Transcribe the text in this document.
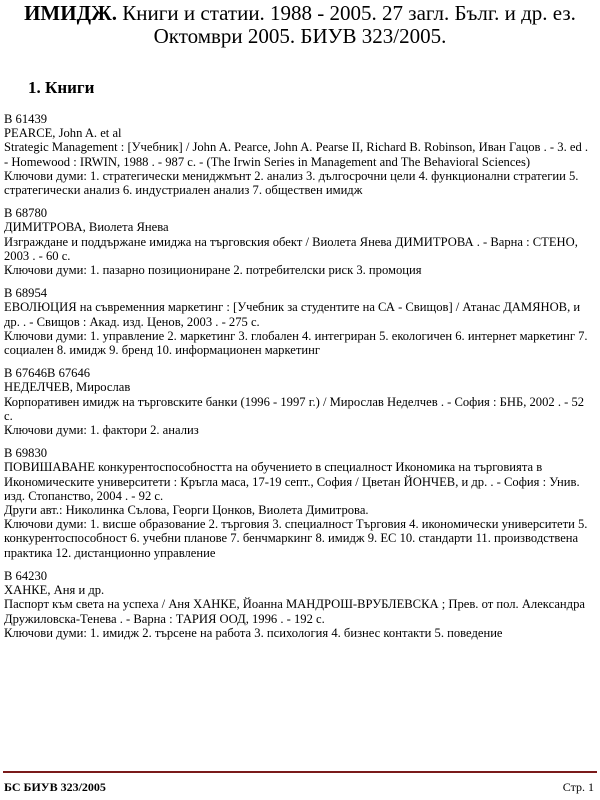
ИМИДЖ. Книги и статии. 1988 - 2005. 27 загл. Бълг. и др. ез.
Октомври 2005. БИУВ 323/2005.
1. Книги

B 61439

PEARCE, John A. et al

Strategic Management : [Учебник] / John A. Pearce, John A. Pearse II, Richard B. Robinson, Иван Гацов . - 3. ed . - Homewood : IRWIN, 1988 . - 987 с. - (The Irwin Series in Management and The Behavioral Sciences)

Ключови думи: 1. стратегически мениджмънт 2. анализ 3. дългосрочни цели 4. функционални стратегии 5. стратегически анализ 6. индустриален анализ 7. обществен имидж

B 68780

ДИМИТРОВА, Виолета Янева

Изграждане и поддържане имиджа на търговския обект / Виолета Янева ДИМИТРОВА . - Варна : СТЕНО, 2003 . - 60 с.

Ключови думи: 1. пазарно позициониране 2. потребителски риск 3. промоция

B 68954

ЕВОЛЮЦИЯ на съвременния маркетинг : [Учебник за студентите на СА - Свищов] / Атанас ДАМЯНОВ, и др. . - Свищов : Акад. изд. Ценов, 2003 . - 275 с.

Ключови думи: 1. управление 2. маркетинг 3. глобален 4. интегриран 5. екологичен 6. интернет маркетинг 7. социален 8. имидж 9. бренд 10. информационен маркетинг

B 67646B 67646

НЕДЕЛЧЕВ, Мирослав

Корпоративен имидж на търговските банки (1996 - 1997 г.) / Мирослав Неделчев . - София : БНБ, 2002 . - 52 с.

Ключови думи: 1. фактори 2. анализ

B 69830

ПОВИШАВАНЕ конкурентоспособността на обучението в специалност Икономика на търговията в Икономическите университети : Кръгла маса, 17-19 септ., София / Цветан ЙОНЧЕВ, и др. . - София : Унив. изд. Стопанство, 2004 . - 92 с.

Други авт.: Николинка Сълова, Георги Цонков, Виолета Димитрова.

Ключови думи: 1. висше образование 2. търговия 3. специалност Търговия 4. икономически университети 5. конкурентоспособност 6. учебни планове 7. бенчмаркинг 8. имидж 9. ЕС 10. стандарти 11. производствена практика 12. дистанционно управление

B 64230

ХАНКЕ, Аня и др.

Паспорт към света на успеха / Аня ХАНКЕ, Йоанна МАНДРОШ-ВРУБЛЕВСКА ; Прев. от пол. Александра Дружиловска-Тенева . - Варна : ТАРИЯ ООД, 1996 . - 192 с.

Ключови думи: 1. имидж 2. търсене на работа 3. психология 4. бизнес контакти 5. поведение

БС БИУВ 323/2005	Стр. 1
